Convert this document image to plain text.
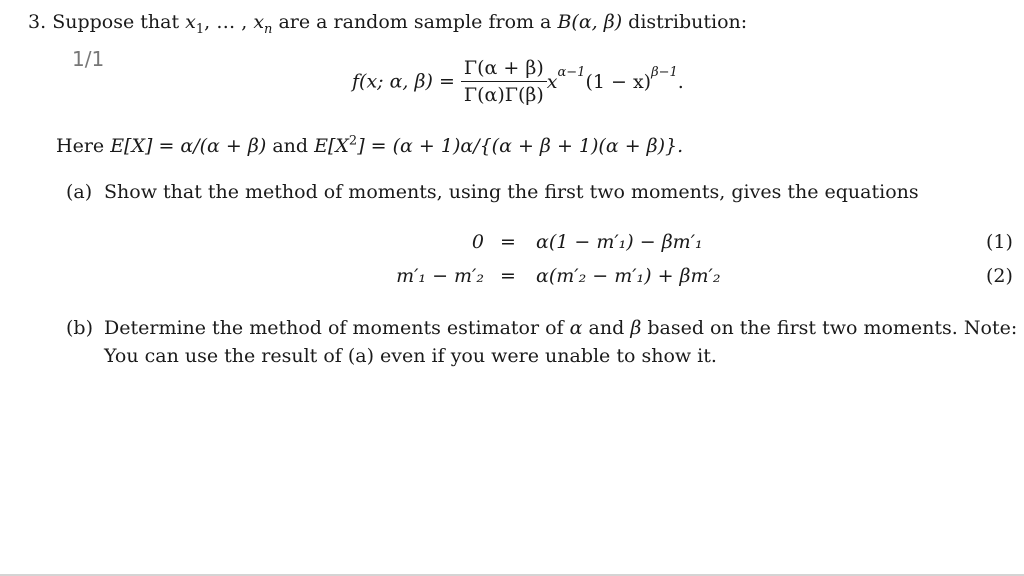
3. Suppose that $x_1$, … , $x_n$ are a random sample from a B(α, β) distribution:
1/1
f(x; α, $\beta) = \frac{\Gamma(\alpha + \beta)}{\Gamma(\alpha)\Gamma(\beta)} x^{\alpha-1}(1 - x)^{\beta-1}$.
Here E[X] = α/(α + β) and $E[X^2] = (\alpha + 1)\alpha/\{(\alpha + \beta + 1)(\alpha + \beta)\}$.
(a) Show that the method of moments, using the first two moments, gives the equations
0 = α(1 − m′₁) − βm′₁	(1)
m′₁ − m′₂ = α(m′₂ − m′₁) + βm′₂	(2)
(b) Determine the method of moments estimator of α and β based on the first two moments. Note:
You can use the result of (a) even if you were unable to show it.
